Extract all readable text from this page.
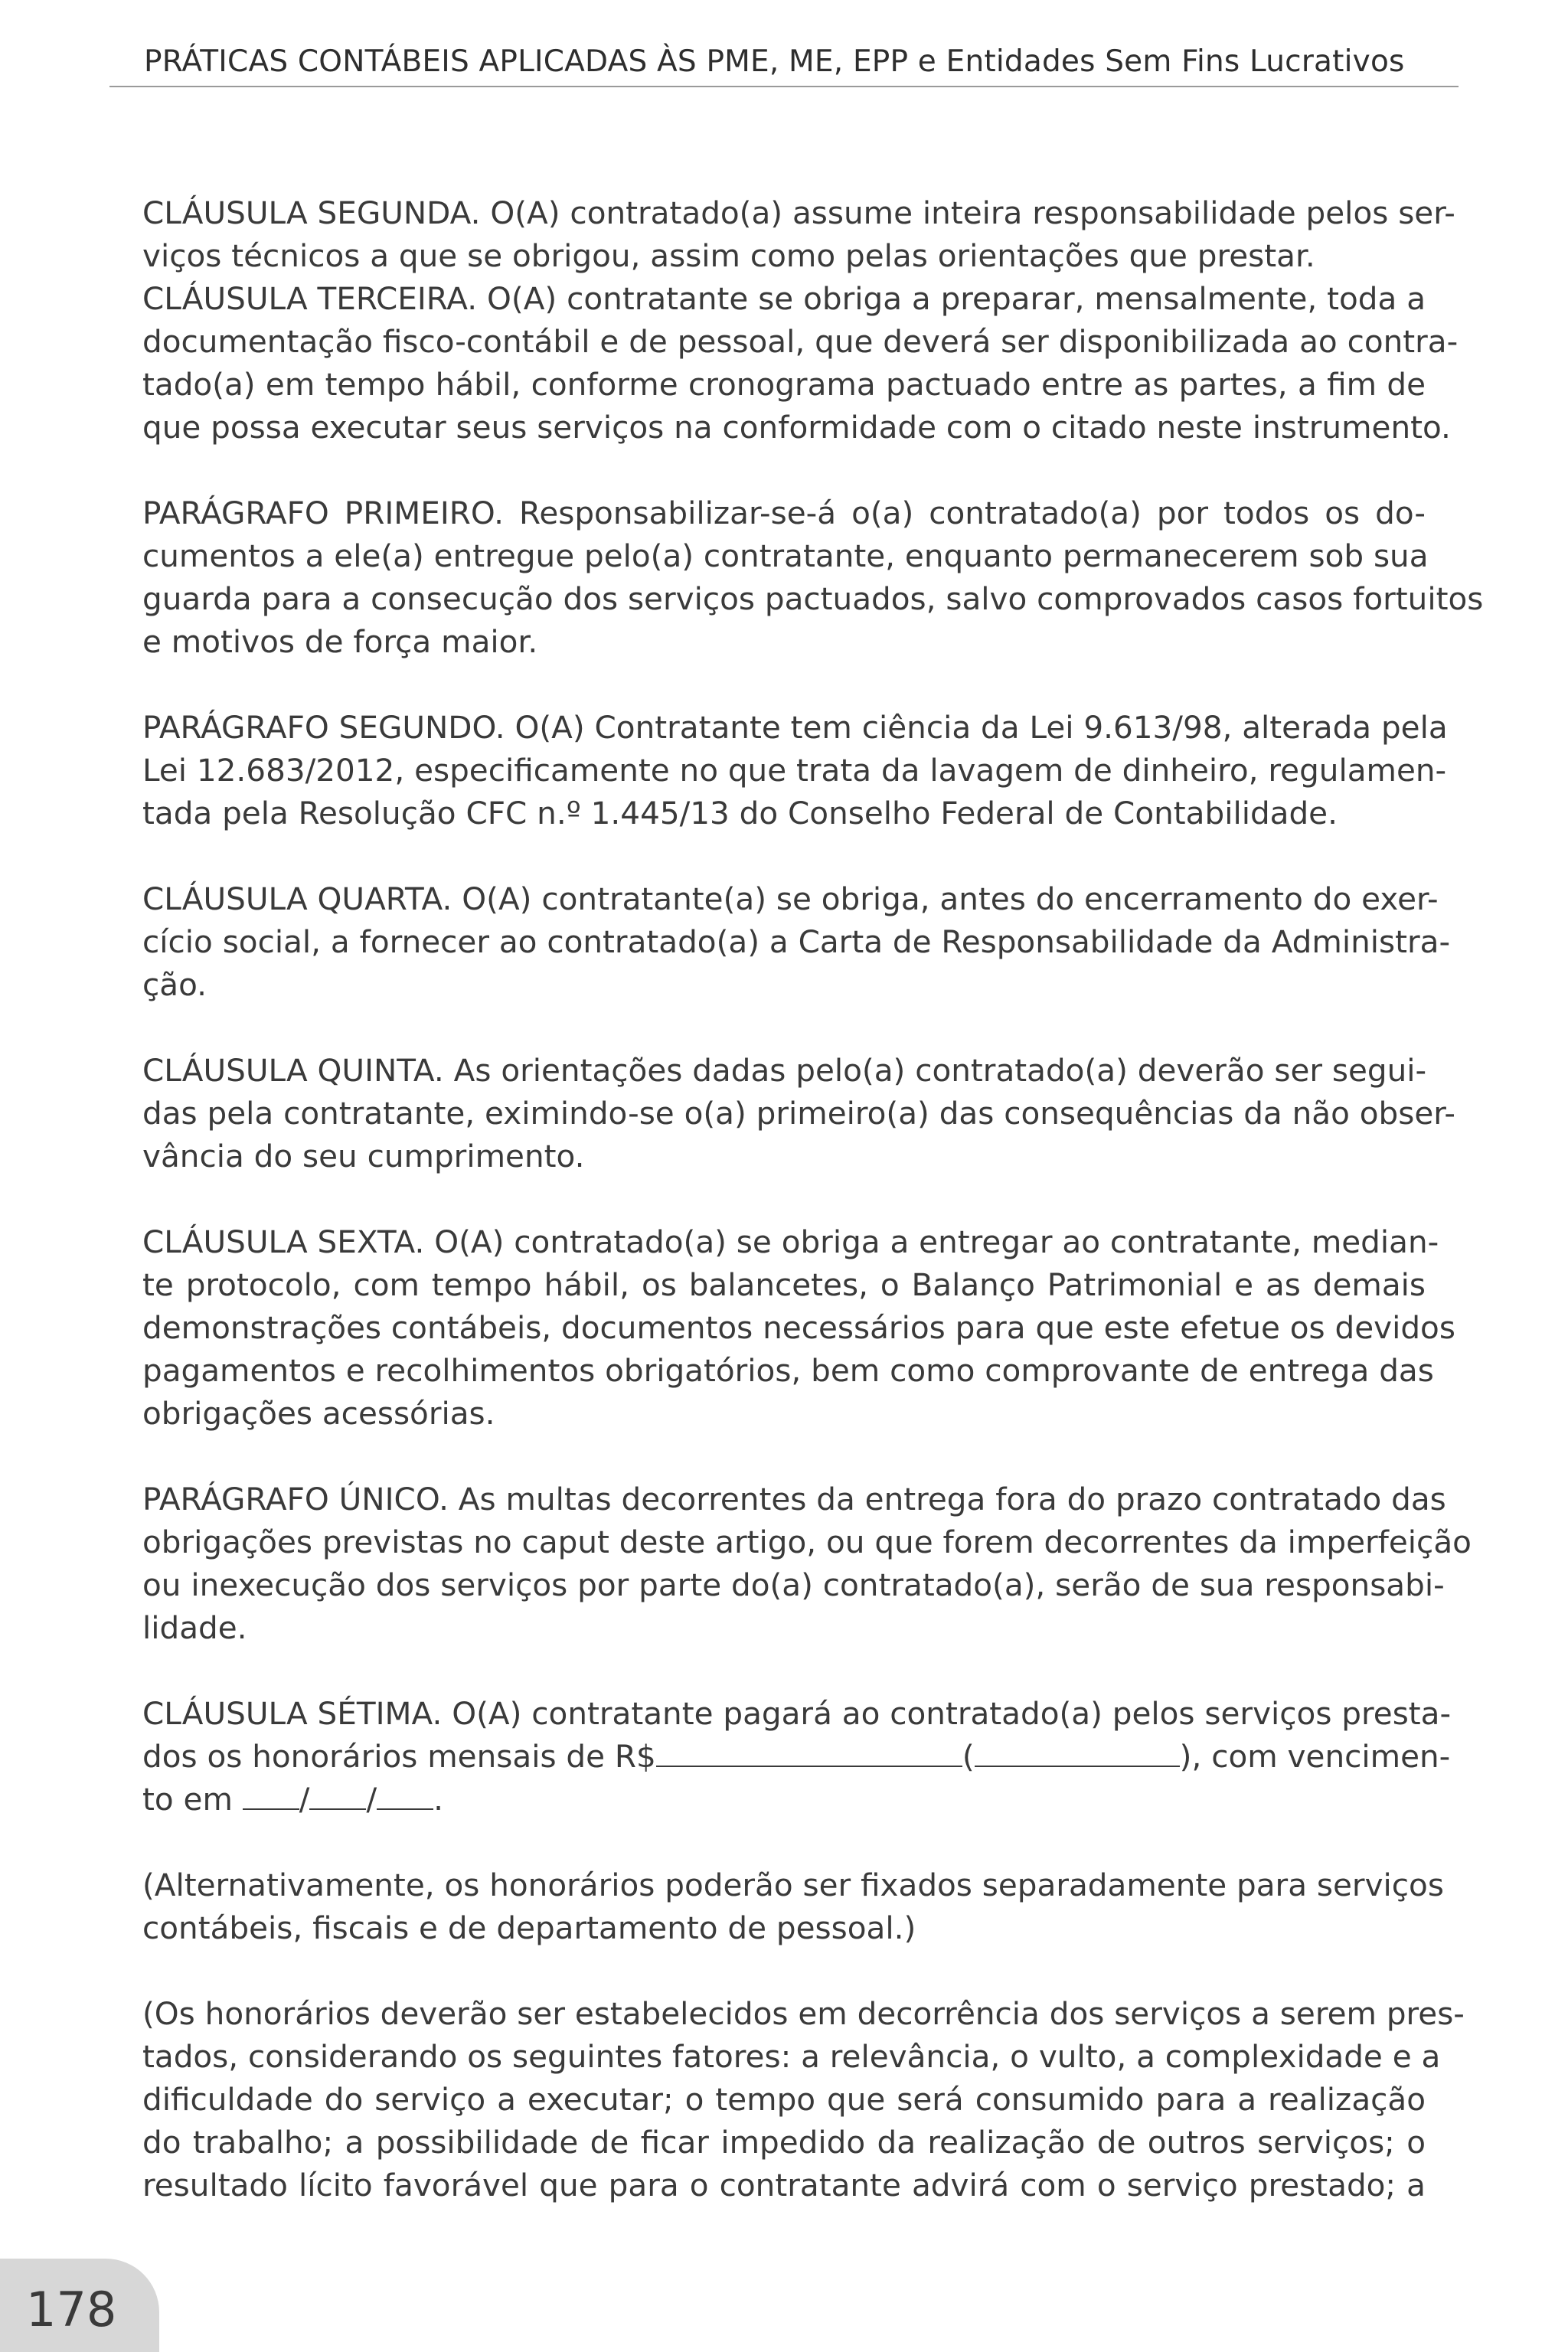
PRÁTICAS CONTÁBEIS APLICADAS ÀS PME, ME, EPP e Entidades Sem Fins Lucrativos
CLÁUSULA SEGUNDA. O(A) contratado(a) assume inteira responsabilidade pelos ser-
viços técnicos a que se obrigou, assim como pelas orientações que prestar.
CLÁUSULA TERCEIRA. O(A) contratante se obriga a preparar, mensalmente, toda a
documentação fisco-contábil e de pessoal, que deverá ser disponibilizada ao contra-
tado(a) em tempo hábil, conforme cronograma pactuado entre as partes, a fim de
que possa executar seus serviços na conformidade com o citado neste instrumento.
PARÁGRAFO PRIMEIRO. Responsabilizar-se-á o(a) contratado(a) por todos os do-
cumentos a ele(a) entregue pelo(a) contratante, enquanto permanecerem sob sua
guarda para a consecução dos serviços pactuados, salvo comprovados casos fortuitos
e motivos de força maior.
PARÁGRAFO SEGUNDO. O(A) Contratante tem ciência da Lei 9.613/98, alterada pela
Lei 12.683/2012, especificamente no que trata da lavagem de dinheiro, regulamen-
tada pela Resolução CFC n.º 1.445/13 do Conselho Federal de Contabilidade.
CLÁUSULA QUARTA. O(A) contratante(a) se obriga, antes do encerramento do exer-
cício social, a fornecer ao contratado(a) a Carta de Responsabilidade da Administra-
ção.
CLÁUSULA QUINTA. As orientações dadas pelo(a) contratado(a) deverão ser segui-
das pela contratante, eximindo-se o(a) primeiro(a) das consequências da não obser-
vância do seu cumprimento.
CLÁUSULA SEXTA. O(A) contratado(a) se obriga a entregar ao contratante, median-
te protocolo, com tempo hábil, os balancetes, o Balanço Patrimonial e as demais
demonstrações contábeis, documentos necessários para que este efetue os devidos
pagamentos e recolhimentos obrigatórios, bem como comprovante de entrega das
obrigações acessórias.
PARÁGRAFO ÚNICO. As multas decorrentes da entrega fora do prazo contratado das
obrigações previstas no caput deste artigo, ou que forem decorrentes da imperfeição
ou inexecução dos serviços por parte do(a) contratado(a), serão de sua responsabi-
lidade.
CLÁUSULA SÉTIMA. O(A) contratante pagará ao contratado(a) pelos serviços presta-
dos os honorários mensais de R$	(	), com vencimen-
to em / / .
(Alternativamente, os honorários poderão ser fixados separadamente para serviços
contábeis, fiscais e de departamento de pessoal.)
(Os honorários deverão ser estabelecidos em decorrência dos serviços a serem pres-
tados, considerando os seguintes fatores: a relevância, o vulto, a complexidade e a
dificuldade do serviço a executar; o tempo que será consumido para a realização
do trabalho; a possibilidade de ficar impedido da realização de outros serviços; o
resultado lícito favorável que para o contratante advirá com o serviço prestado; a
178
